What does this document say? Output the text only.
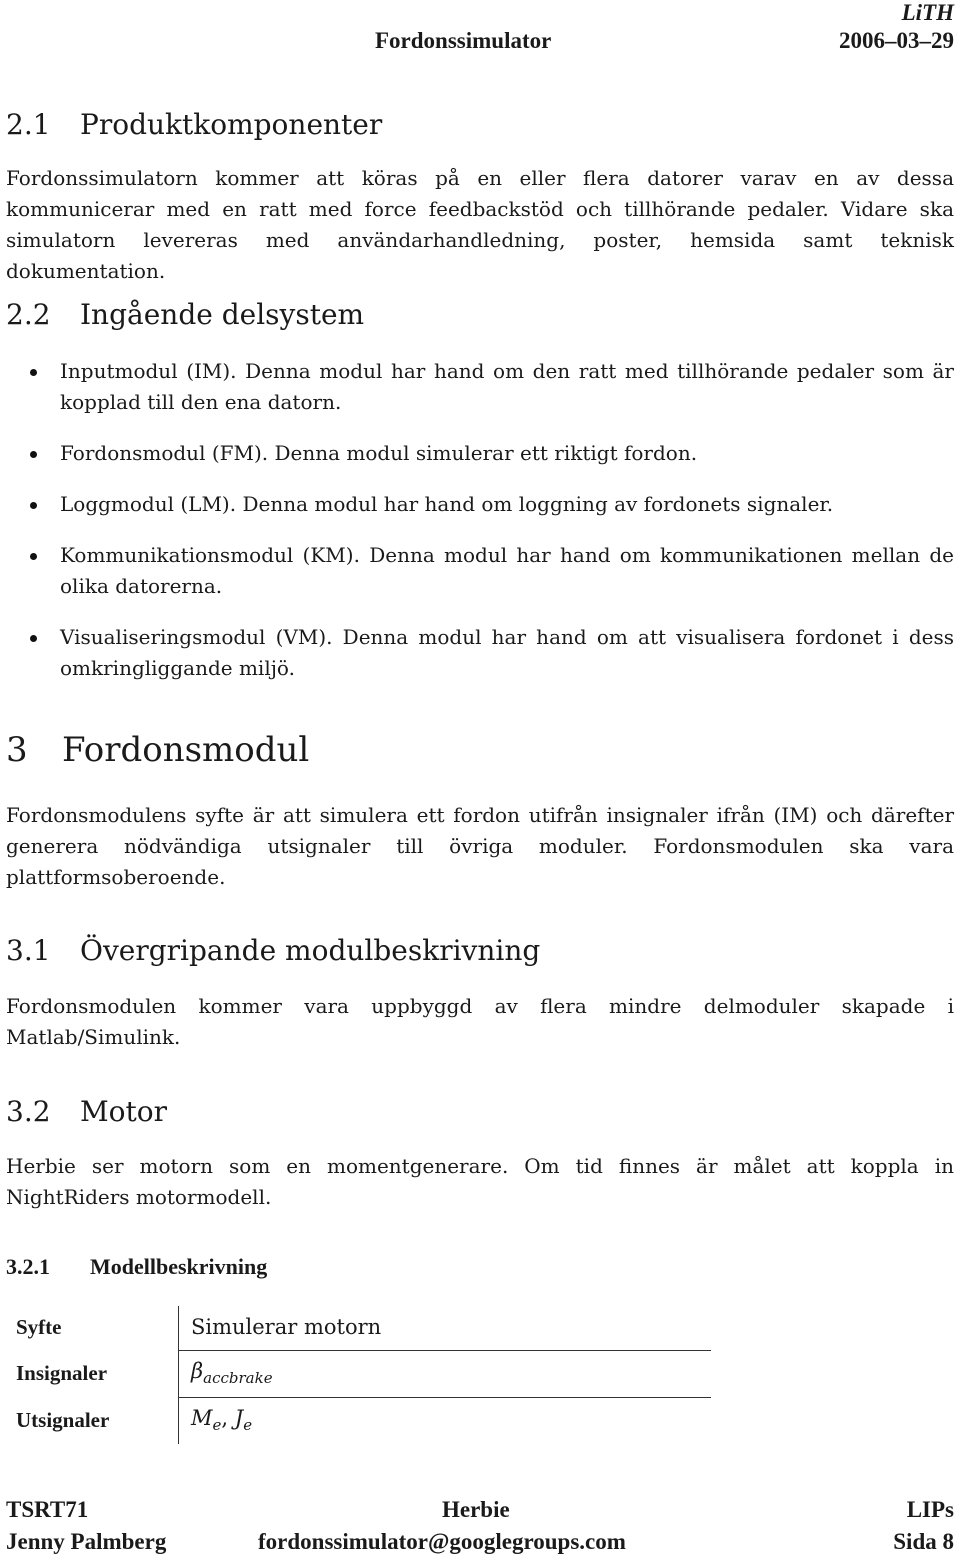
LiTH
Fordonssimulator	2006–03–29
2.1 Produktkomponenter

Fordonssimulatorn kommer att köras på en eller flera datorer varav en av dessa kommunicerar med en ratt med force feedbackstöd och tillhörande pedaler. Vidare ska simulatorn levereras med användarhandledning, poster, hemsida samt teknisk dokumentation.

2.2 Ingående delsystem
Inputmodul (IM). Denna modul har hand om den ratt med tillhörande pedaler som är kopplad till den ena datorn.
Fordonsmodul (FM). Denna modul simulerar ett riktigt fordon.
Loggmodul (LM). Denna modul har hand om loggning av fordonets signaler.
Kommunikationsmodul (KM). Denna modul har hand om kommunikationen mellan de olika datorerna.
Visualiseringsmodul (VM). Denna modul har hand om att visualisera fordonet i dess omkringliggande miljö.
3 Fordonsmodul

Fordonsmodulens syfte är att simulera ett fordon utifrån insignaler ifrån (IM) och därefter generera nödvändiga utsignaler till övriga moduler. Fordonsmodulen ska vara plattformsoberoende.

3.1 Övergripande modulbeskrivning

Fordonsmodulen kommer vara uppbyggd av flera mindre delmoduler skapade i Matlab/Simulink.

3.2 Motor

Herbie ser motorn som en momentgenerare. Om tid finnes är målet att koppla in NightRiders motormodell.

3.2.1 Modellbeskrivning
Syfte	Simulerar motorn
Insignaler	$\beta_{accbrake}$
Utsignaler	$M_e$, $J_e$
TSRT71	Herbie	LIPs
Jenny Palmberg	fordonssimulator@googlegroups.com	Sida 8
